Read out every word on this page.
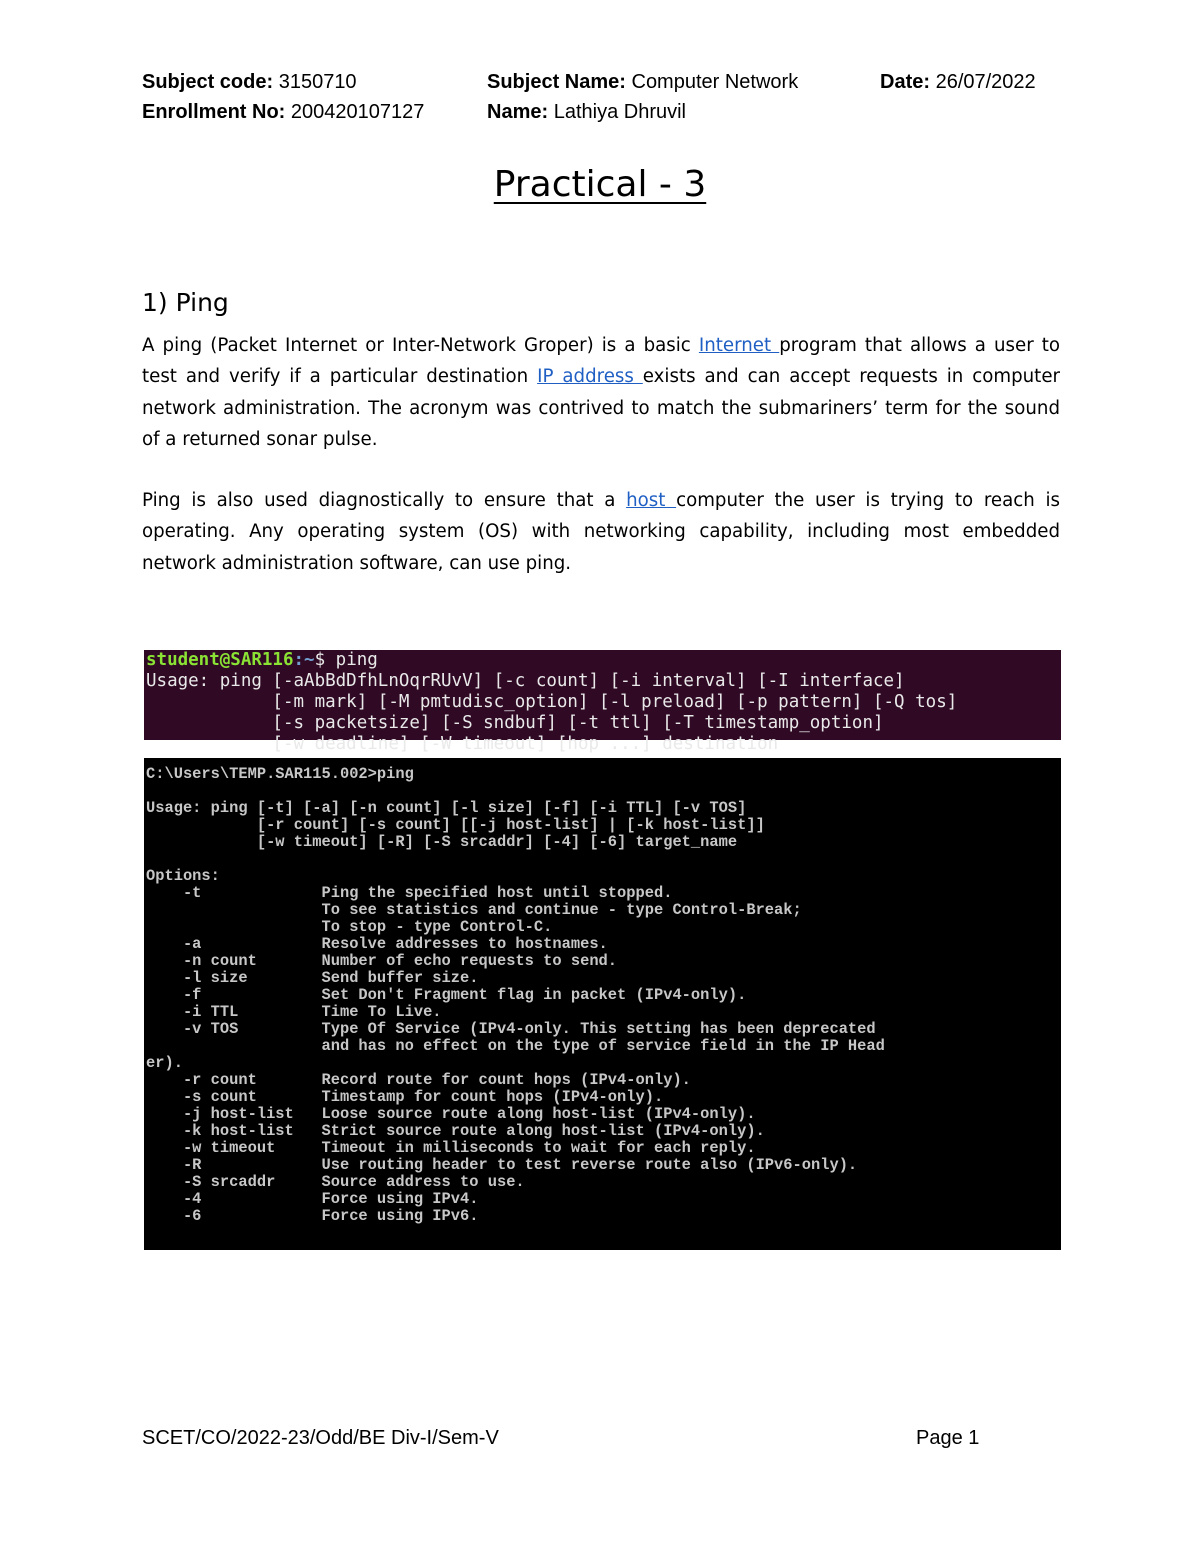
Subject code: 3150710	Subject Name: Computer Network	Date: 26/07/2022
Enrollment No: 200420107127	Name: Lathiya Dhruvil
Practical - 3
1) Ping
A ping (Packet Internet or Inter-Network Groper) is a basic Internet program that allows a user to test and verify if a particular destination IP address exists and can accept requests in computer network administration. The acronym was contrived to match the submariners’ term for the sound of a returned sonar pulse.
Ping is also used diagnostically to ensure that a host computer the user is trying to reach is operating. Any operating system (OS) with networking capability, including most embedded network administration software, can use ping.
student@SAR116:~$ ping
Usage: ping [-aAbBdDfhLnOqrRUvV] [-c count] [-i interval] [-I interface]
[-m mark] [-M pmtudisc_option] [-l preload] [-p pattern] [-Q tos]
[-s packetsize] [-S sndbuf] [-t ttl] [-T timestamp_option]
[-w deadline] [-W timeout] [hop ...] destination
C:\Users\TEMP.SAR115.002>ping
Usage: ping [-t] [-a] [-n count] [-l size] [-f] [-i TTL] [-v TOS]
[-r count] [-s count] [[-j host-list] | [-k host-list]]
[-w timeout] [-R] [-S srcaddr] [-4] [-6] target_name
Options:
-t             Ping the specified host until stopped.
To see statistics and continue - type Control-Break;
To stop - type Control-C.
-a             Resolve addresses to hostnames.
-n count       Number of echo requests to send.
-l size        Send buffer size.
-f             Set Don't Fragment flag in packet (IPv4-only).
-i TTL         Time To Live.
-v TOS         Type Of Service (IPv4-only. This setting has been deprecated
and has no effect on the type of service field in the IP Head
er).
-r count       Record route for count hops (IPv4-only).
-s count       Timestamp for count hops (IPv4-only).
-j host-list   Loose source route along host-list (IPv4-only).
-k host-list   Strict source route along host-list (IPv4-only).
-w timeout     Timeout in milliseconds to wait for each reply.
-R             Use routing header to test reverse route also (IPv6-only).
-S srcaddr     Source address to use.
-4             Force using IPv4.
-6             Force using IPv6.
SCET/CO/2022-23/Odd/BE Div-I/Sem-V	Page 1
